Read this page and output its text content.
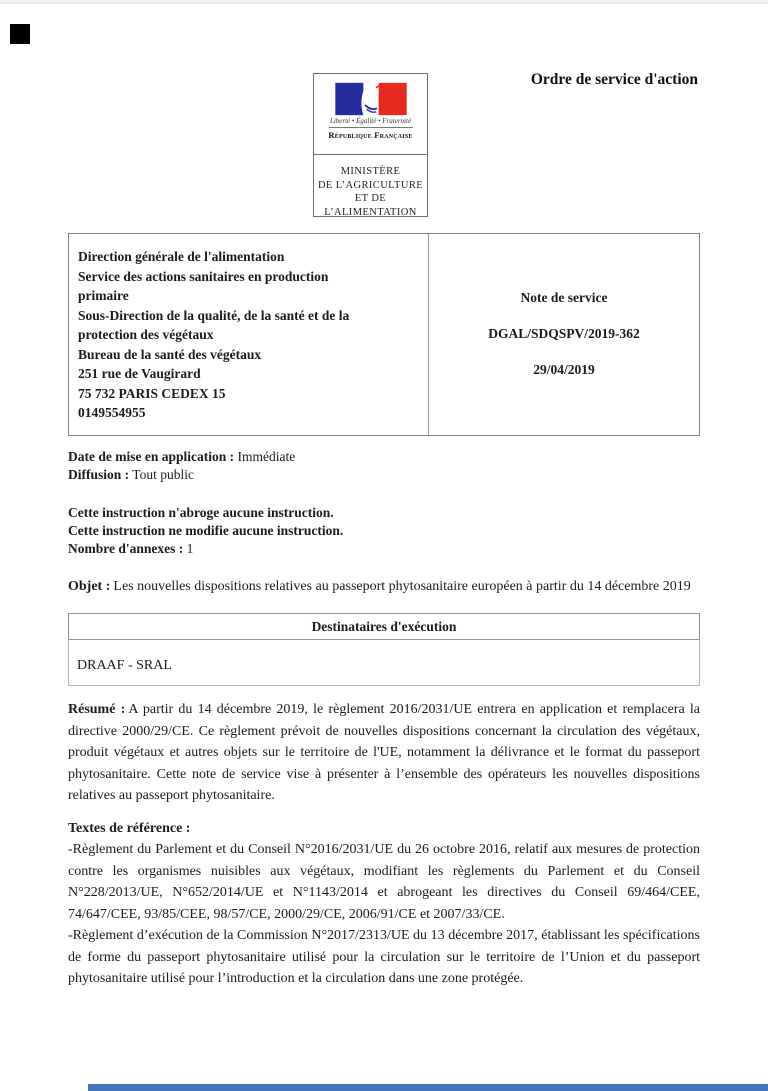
Liberté • Égalité • Fraternité
République Française
MINISTÈRE
DE L’AGRICULTURE
ET DE
L’ALIMENTATION
Ordre de service d'action
Direction générale de l'alimentation
Service des actions sanitaires en production
primaire
Sous-Direction de la qualité, de la santé et de la
protection des végétaux
Bureau de la santé des végétaux
251 rue de Vaugirard
75 732 PARIS CEDEX 15
0149554955
Note de service
DGAL/SDQSPV/2019-362
29/04/2019
Date de mise en application : Immédiate
Diffusion : Tout public
Cette instruction n'abroge aucune instruction.
Cette instruction ne modifie aucune instruction.
Nombre d'annexes : 1
Objet : Les nouvelles dispositions relatives au passeport phytosanitaire européen à partir du 14 décembre 2019
Destinataires d'exécution
DRAAF - SRAL
Résumé : A partir du 14 décembre 2019, le règlement 2016/2031/UE entrera en application et remplacera la directive 2000/29/CE. Ce règlement prévoit de nouvelles dispositions concernant la circulation des végétaux, produit végétaux et autres objets sur le territoire de l'UE, notamment la délivrance et le format du passeport phytosanitaire. Cette note de service vise à présenter à l’ensemble des opérateurs les nouvelles dispositions relatives au passeport phytosanitaire.
Textes de référence :
-Règlement du Parlement et du Conseil N°2016/2031/UE du 26 octobre 2016, relatif aux mesures de protection contre les organismes nuisibles aux végétaux, modifiant les règlements du Parlement et du Conseil N°228/2013/UE, N°652/2014/UE et N°1143/2014 et abrogeant les directives du Conseil 69/464/CEE, 74/647/CEE, 93/85/CEE, 98/57/CE, 2000/29/CE, 2006/91/CE et 2007/33/CE.
-Règlement d’exécution de la Commission N°2017/2313/UE du 13 décembre 2017, établissant les spécifications de forme du passeport phytosanitaire utilisé pour la circulation sur le territoire de l’Union et du passeport phytosanitaire utilisé pour l’introduction et la circulation dans une zone protégée.
